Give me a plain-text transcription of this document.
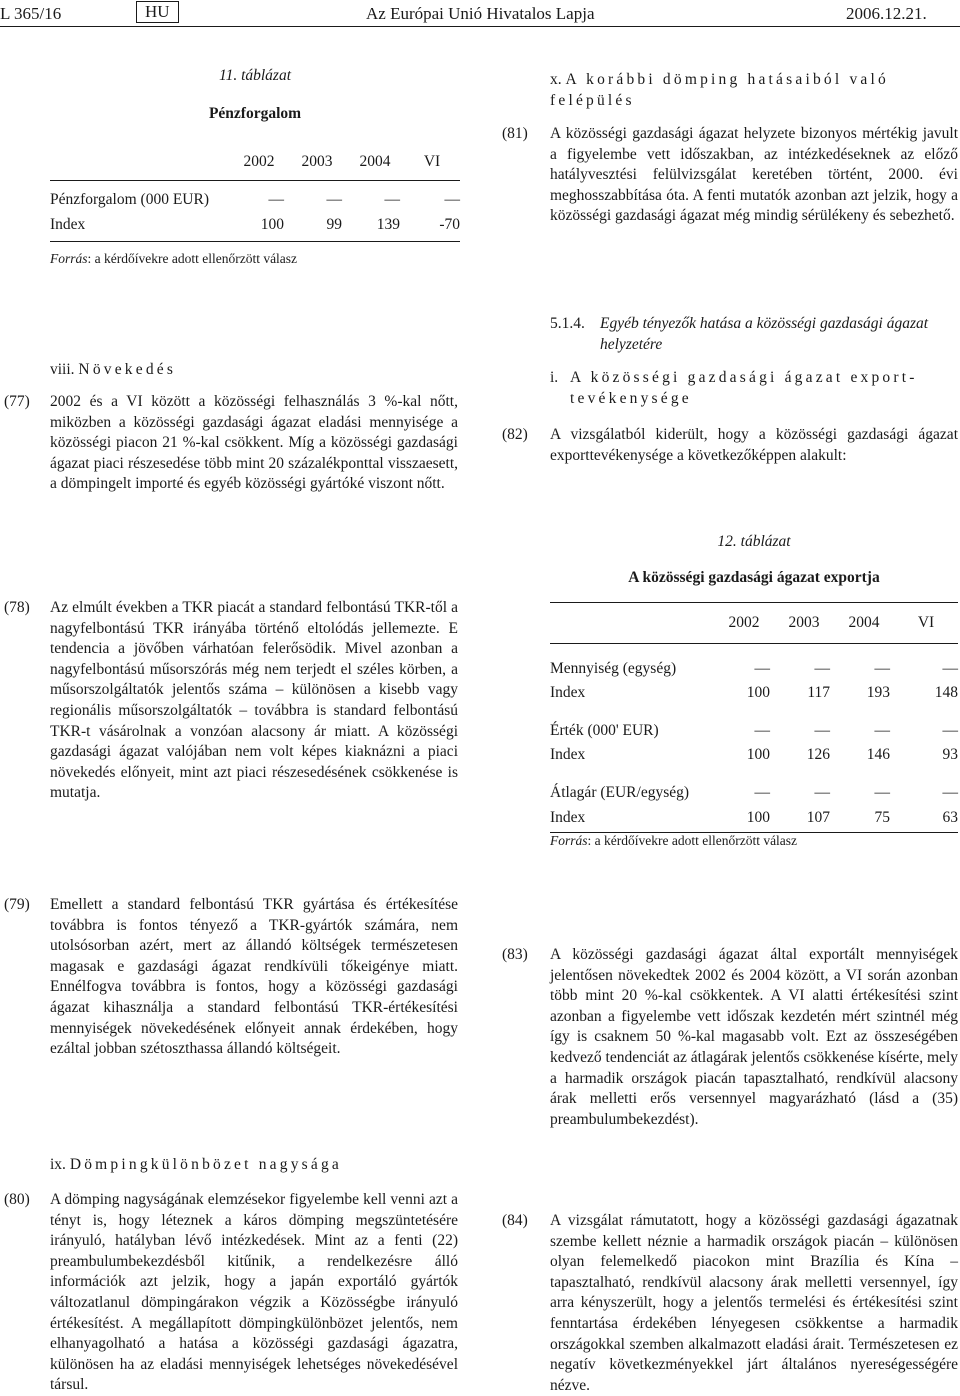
L 365/16	HU	Az Európai Unió Hivatalos Lapja	2006.12.21.
11. táblázat
Pénzforgalom
	2002	2003	2004	VI
Pénzforgalom (000 EUR)	—	—	—	—
Index	100	99	139	-70
Forrás: a kérdőívekre adott ellenőrzött válasz
viii. Növekedés
(77)	2002 és a VI között a közösségi felhasználás 3 %-kal nőtt, miközben a közösségi gazdasági ágazat eladási mennyisége a közösségi piacon 21 %-kal csökkent. Míg a közösségi gazdasági ágazat piaci részesedése több mint 20 százalékponttal visszaesett, a dömpingelt importé és egyéb közösségi gyártóké viszont nőtt.
(78)	Az elmúlt években a TKR piacát a standard felbontású TKR-től a nagyfelbontású TKR irányába történő eltolódás jellemezte. E tendencia a jövőben várhatóan felerősödik. Mivel azonban a nagyfelbontású műsorszórás még nem terjedt el széles körben, a műsorszolgáltatók jelentős száma – különösen a kisebb vagy regionális műsorszolgáltatók – továbbra is standard felbontású TKR-t vásárolnak a vonzóan alacsony ár miatt. A közösségi gazdasági ágazat valójában nem volt képes kiaknázni a piaci növekedés előnyeit, mint azt piaci részesedésének csökkenése is mutatja.
(79)	Emellett a standard felbontású TKR gyártása és értékesítése továbbra is fontos tényező a TKR-gyártók számára, nem utolsósorban azért, mert az állandó költségek természetesen magasak e gazdasági ágazat rendkívüli tőkeigénye miatt. Ennélfogva továbbra is fontos, hogy a közösségi gazdasági ágazat kihasználja a standard felbontású TKR-értékesítési mennyiségek növekedésének előnyeit annak érdekében, hogy ezáltal jobban szétoszthassa állandó költségeit.
ix. Dömpingkülönbözet nagysága
(80)	A dömping nagyságának elemzésekor figyelembe kell venni azt a tényt is, hogy léteznek a káros dömping megszüntetésére irányuló, hatályban lévő intézkedések. Mint az a fenti (22) preambulumbekezdésből kitűnik, a rendelkezésre álló információk azt jelzik, hogy a japán exportáló gyártók változatlanul dömpingárakon végzik a Közösségbe irányuló értékesítést. A megállapított dömpingkülönbözet jelentős, nem elhanyagolható a hatása a közösségi gazdasági ágazatra, különösen ha az eladási mennyiségek lehetséges növekedésével társul.
x. A korábbi dömping hatásaiból való felépülés
(81)	A közösségi gazdasági ágazat helyzete bizonyos mértékig javult a figyelembe vett időszakban, az intézkedéseknek az előző hatályvesztési felülvizsgálat keretében történt, 2000. évi meghosszabbítása óta. A fenti mutatók azonban azt jelzik, hogy a közösségi gazdasági ágazat még mindig sérülékeny és sebezhető.
5.1.4. Egyéb tényezők hatása a közösségi gazdasági ágazat
helyzetére
i. A közösségi gazdasági ágazat export-
tevékenysége
(82)	A vizsgálatból kiderült, hogy a közösségi gazdasági ágazat exporttevékenysége a következőképpen alakult:
12. táblázat
A közösségi gazdasági ágazat exportja
	2002	2003	2004	VI
Mennyiség (egység)	—	—	—	—
Index	100	117	193	148
Érték (000' EUR)	—	—	—	—
Index	100	126	146	93
Átlagár (EUR/egység)	—	—	—	—
Index	100	107	75	63
Forrás: a kérdőívekre adott ellenőrzött válasz
(83)	A közösségi gazdasági ágazat által exportált mennyiségek jelentősen növekedtek 2002 és 2004 között, a VI során azonban több mint 20 %-kal csökkentek. A VI alatti értékesítési szint azonban a figyelembe vett időszak kezdetén mért szintnél még így is csaknem 50 %-kal magasabb volt. Ezt az összeségében kedvező tendenciát az átlagárak jelentős csökkenése kísérte, mely a harmadik országok piacán tapasztalható, rendkívül alacsony árak melletti erős versennyel magyarázható (lásd a (35) preambulumbekezdést).
(84)	A vizsgálat rámutatott, hogy a közösségi gazdasági ágazatnak szembe kellett néznie a harmadik országok piacán – különösen olyan felemelkedő piacokon mint Brazília és Kína – tapasztalható, rendkívül alacsony árak melletti versennyel, így arra kényszerült, hogy a jelentős termelési és értékesítési szint fenntartása érdekében lényegesen csökkentse a harmadik országokkal szemben alkalmazott eladási árait. Természetesen ez negatív következményekkel járt általános nyereségességére nézve.
